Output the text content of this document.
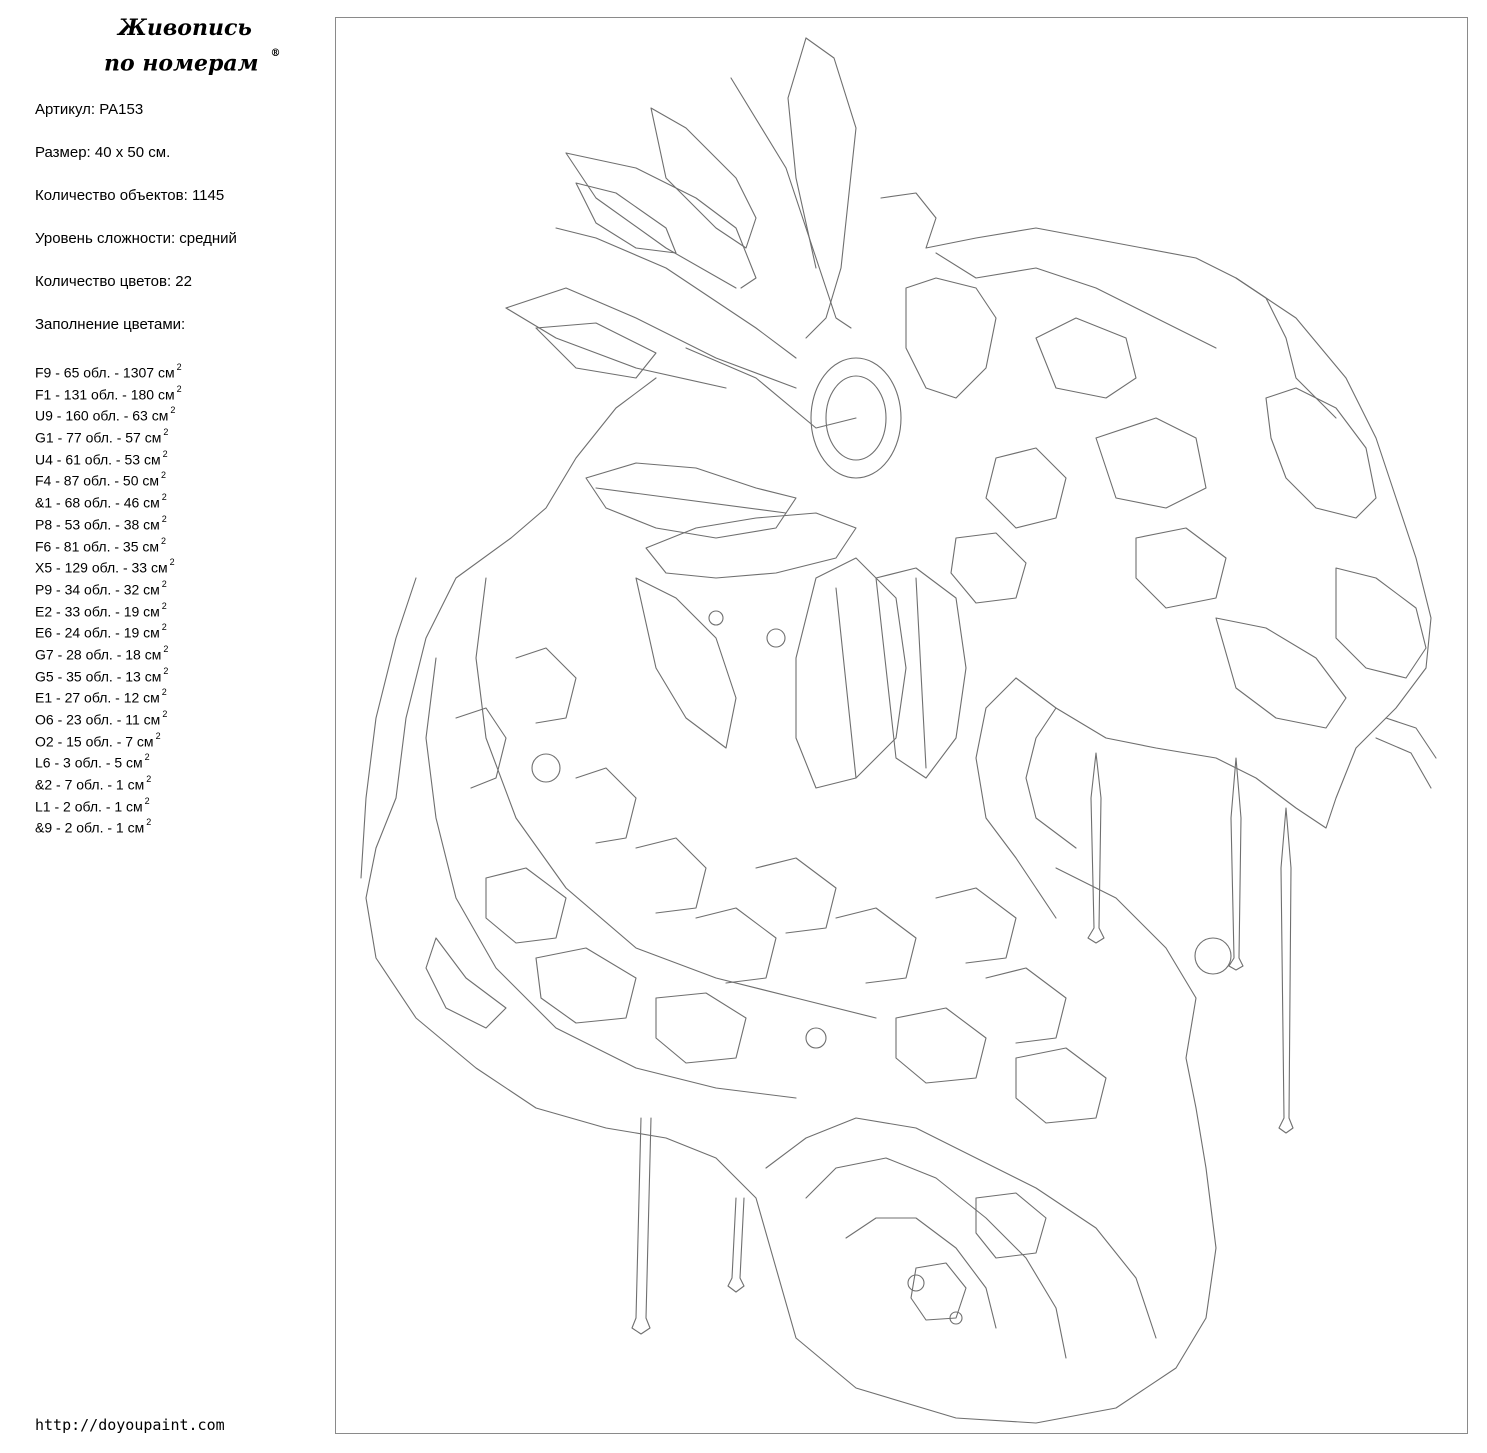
Живопись
по номерам ®
Артикул: PA153
Размер: 40 х 50 см.
Количество объектов: 1145
Уровень сложности: средний
Количество цветов: 22
Заполнение цветами:
F9 - 65 обл. - 1307 см $^2$
F1 - 131 обл. - 180 см $^2$
U9 - 160 обл. - 63 см $^2$
G1 - 77 обл. - 57 см $^2$
U4 - 61 обл. - 53 см $^2$
F4 - 87 обл. - 50 см $^2$
&1 - 68 обл. - 46 см $^2$
P8 - 53 обл. - 38 см $^2$
F6 - 81 обл. - 35 см $^2$
X5 - 129 обл. - 33 см $^2$
P9 - 34 обл. - 32 см $^2$
E2 - 33 обл. - 19 см $^2$
E6 - 24 обл. - 19 см $^2$
G7 - 28 обл. - 18 см $^2$
G5 - 35 обл. - 13 см $^2$
E1 - 27 обл. - 12 см $^2$
O6 - 23 обл. - 11 см $^2$
O2 - 15 обл. - 7 см $^2$
L6 - 3 обл. - 5 см $^2$
&2 - 7 обл. - 1 см $^2$
L1 - 2 обл. - 1 см $^2$
&9 - 2 обл. - 1 см $^2$
http://doyoupaint.com
